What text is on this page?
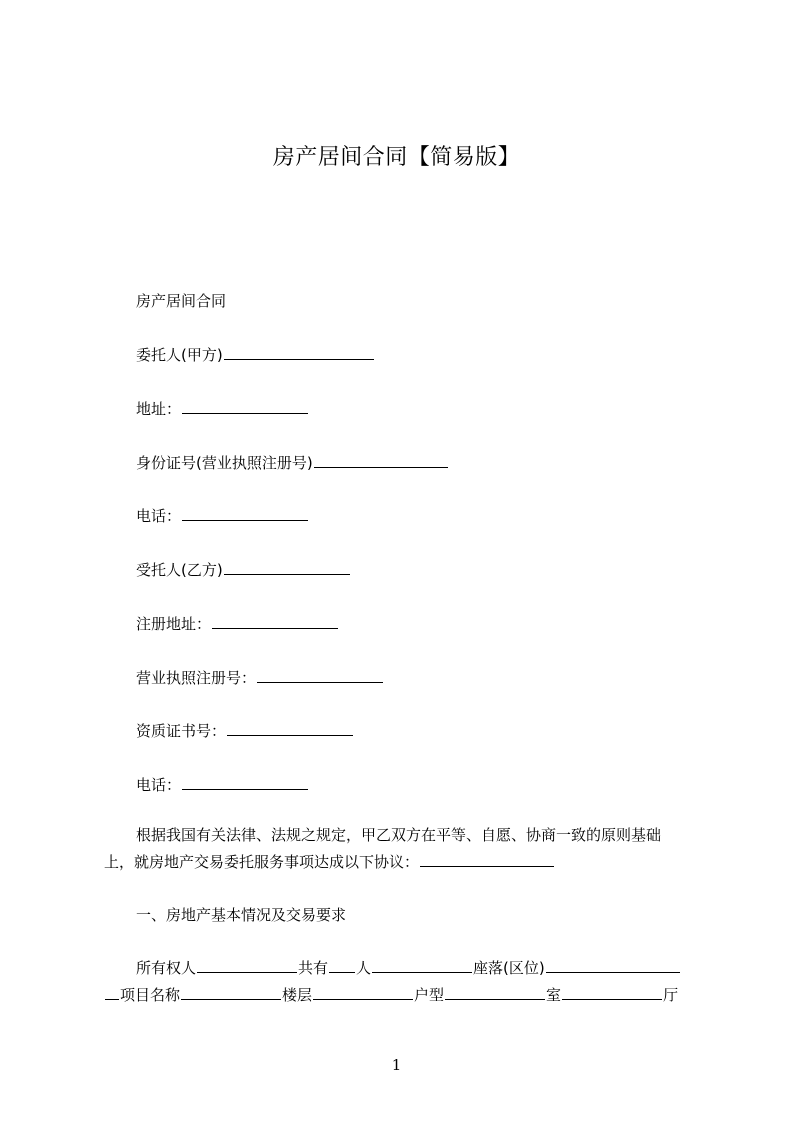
房产居间合同【简易版】
房产居间合同
委托人(甲方)
地址：
身份证号(营业执照注册号)
电话：
受托人(乙方)
注册地址：
营业执照注册号：
资质证书号：
电话：
根据我国有关法律、法规之规定，甲乙双方在平等、自愿、协商一致的原则基础
上，就房地产交易委托服务事项达成以下协议：
一、房地产基本情况及交易要求
所有权人	共有 人	座落(区位)
项目名称	楼层	户型	室	厅
1
